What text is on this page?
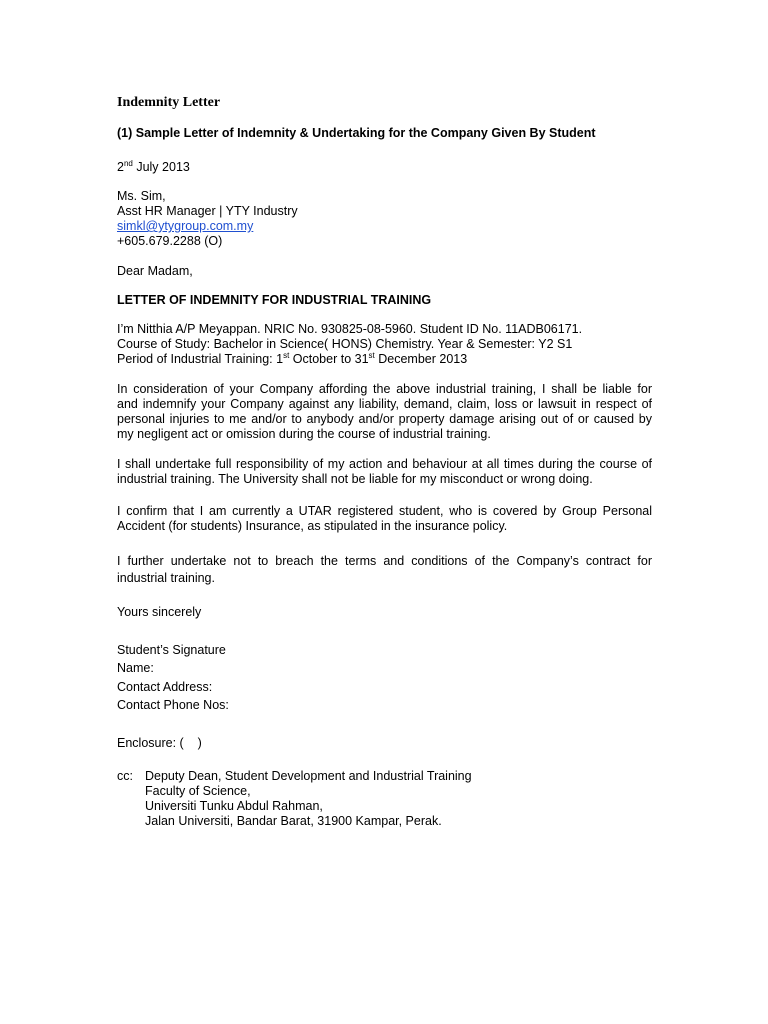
Indemnity Letter
(1) Sample Letter of Indemnity & Undertaking for the Company Given By Student
2nd July 2013
Ms. Sim,
Asst HR Manager | YTY Industry
simkl@ytygroup.com.my
+605.679.2288 (O)
Dear Madam,
LETTER OF INDEMNITY FOR INDUSTRIAL TRAINING
I’m Nitthia A/P Meyappan. NRIC No. 930825-08-5960. Student ID No. 11ADB06171.
Course of Study: Bachelor in Science( HONS) Chemistry. Year & Semester: Y2 S1
Period of Industrial Training: 1st October to 31st December 2013
In consideration of your Company affording the above industrial training, I shall be liable for
and indemnify your Company against any liability, demand, claim, loss or lawsuit in respect of
personal injuries to me and/or to anybody and/or property damage arising out of or caused by
my negligent act or omission during the course of industrial training.
I shall undertake full responsibility of my action and behaviour at all times during the course of
industrial training. The University shall not be liable for my misconduct or wrong doing.
I confirm that I am currently a UTAR registered student, who is covered by Group Personal
Accident (for students) Insurance, as stipulated in the insurance policy.
I further undertake not to breach the terms and conditions of the Company’s contract for
industrial training.
Yours sincerely
Student’s Signature
Name:
Contact Address:
Contact Phone Nos:
Enclosure: (    )
cc: Deputy Dean, Student Development and Industrial Training
Faculty of Science,
Universiti Tunku Abdul Rahman,
Jalan Universiti, Bandar Barat, 31900 Kampar, Perak.
